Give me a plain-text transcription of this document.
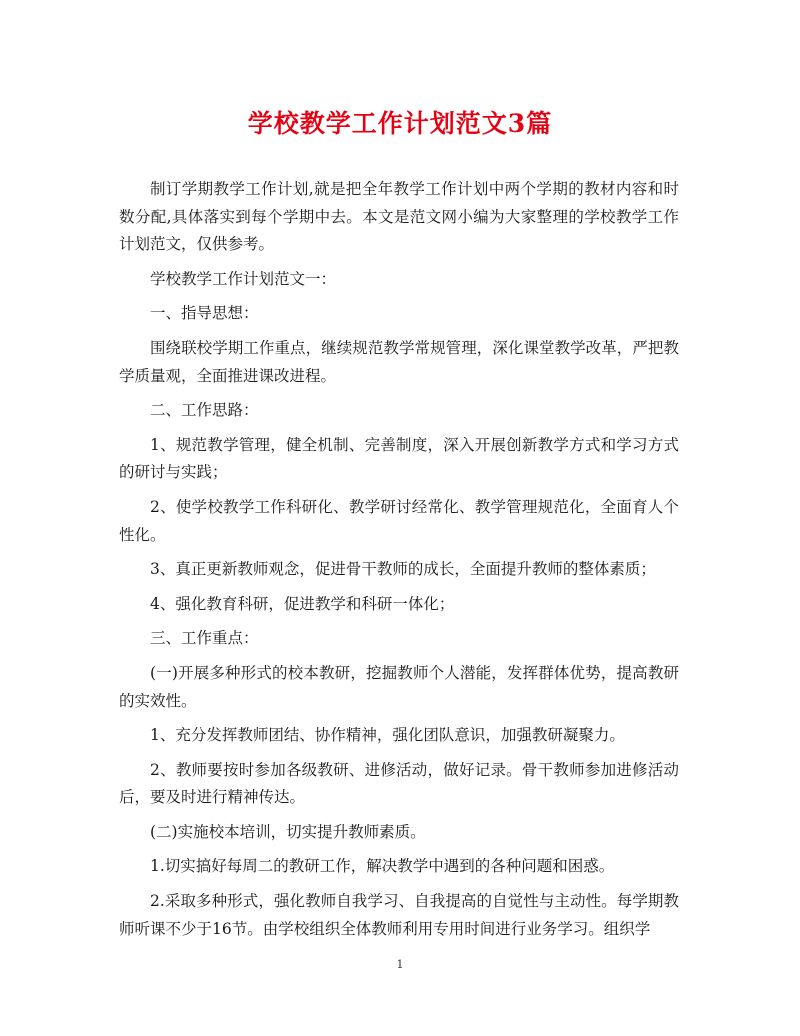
学校教学工作计划范文3篇

制订学期教学工作计划,就是把全年教学工作计划中两个学期的教材内容和时数分配,具体落实到每个学期中去。本文是范文网小编为大家整理的学校教学工作计划范文，仅供参考。

学校教学工作计划范文一：

一、指导思想：

围绕联校学期工作重点，继续规范教学常规管理，深化课堂教学改革，严把教学质量观，全面推进课改进程。

二、工作思路：

1、规范教学管理，健全机制、完善制度，深入开展创新教学方式和学习方式的研讨与实践；

2、使学校教学工作科研化、教学研讨经常化、教学管理规范化，全面育人个性化。

3、真正更新教师观念，促进骨干教师的成长，全面提升教师的整体素质；

4、强化教育科研，促进教学和科研一体化；

三、工作重点：

(一)开展多种形式的校本教研，挖掘教师个人潜能，发挥群体优势，提高教研的实效性。

1、充分发挥教师团结、协作精神，强化团队意识，加强教研凝聚力。

2、教师要按时参加各级教研、进修活动，做好记录。骨干教师参加进修活动后，要及时进行精神传达。

(二)实施校本培训，切实提升教师素质。

1.切实搞好每周二的教研工作，解决教学中遇到的各种问题和困惑。

2.采取多种形式，强化教师自我学习、自我提高的自觉性与主动性。每学期教师听课不少于16节。由学校组织全体教师利用专用时间进行业务学习。组织学

1
